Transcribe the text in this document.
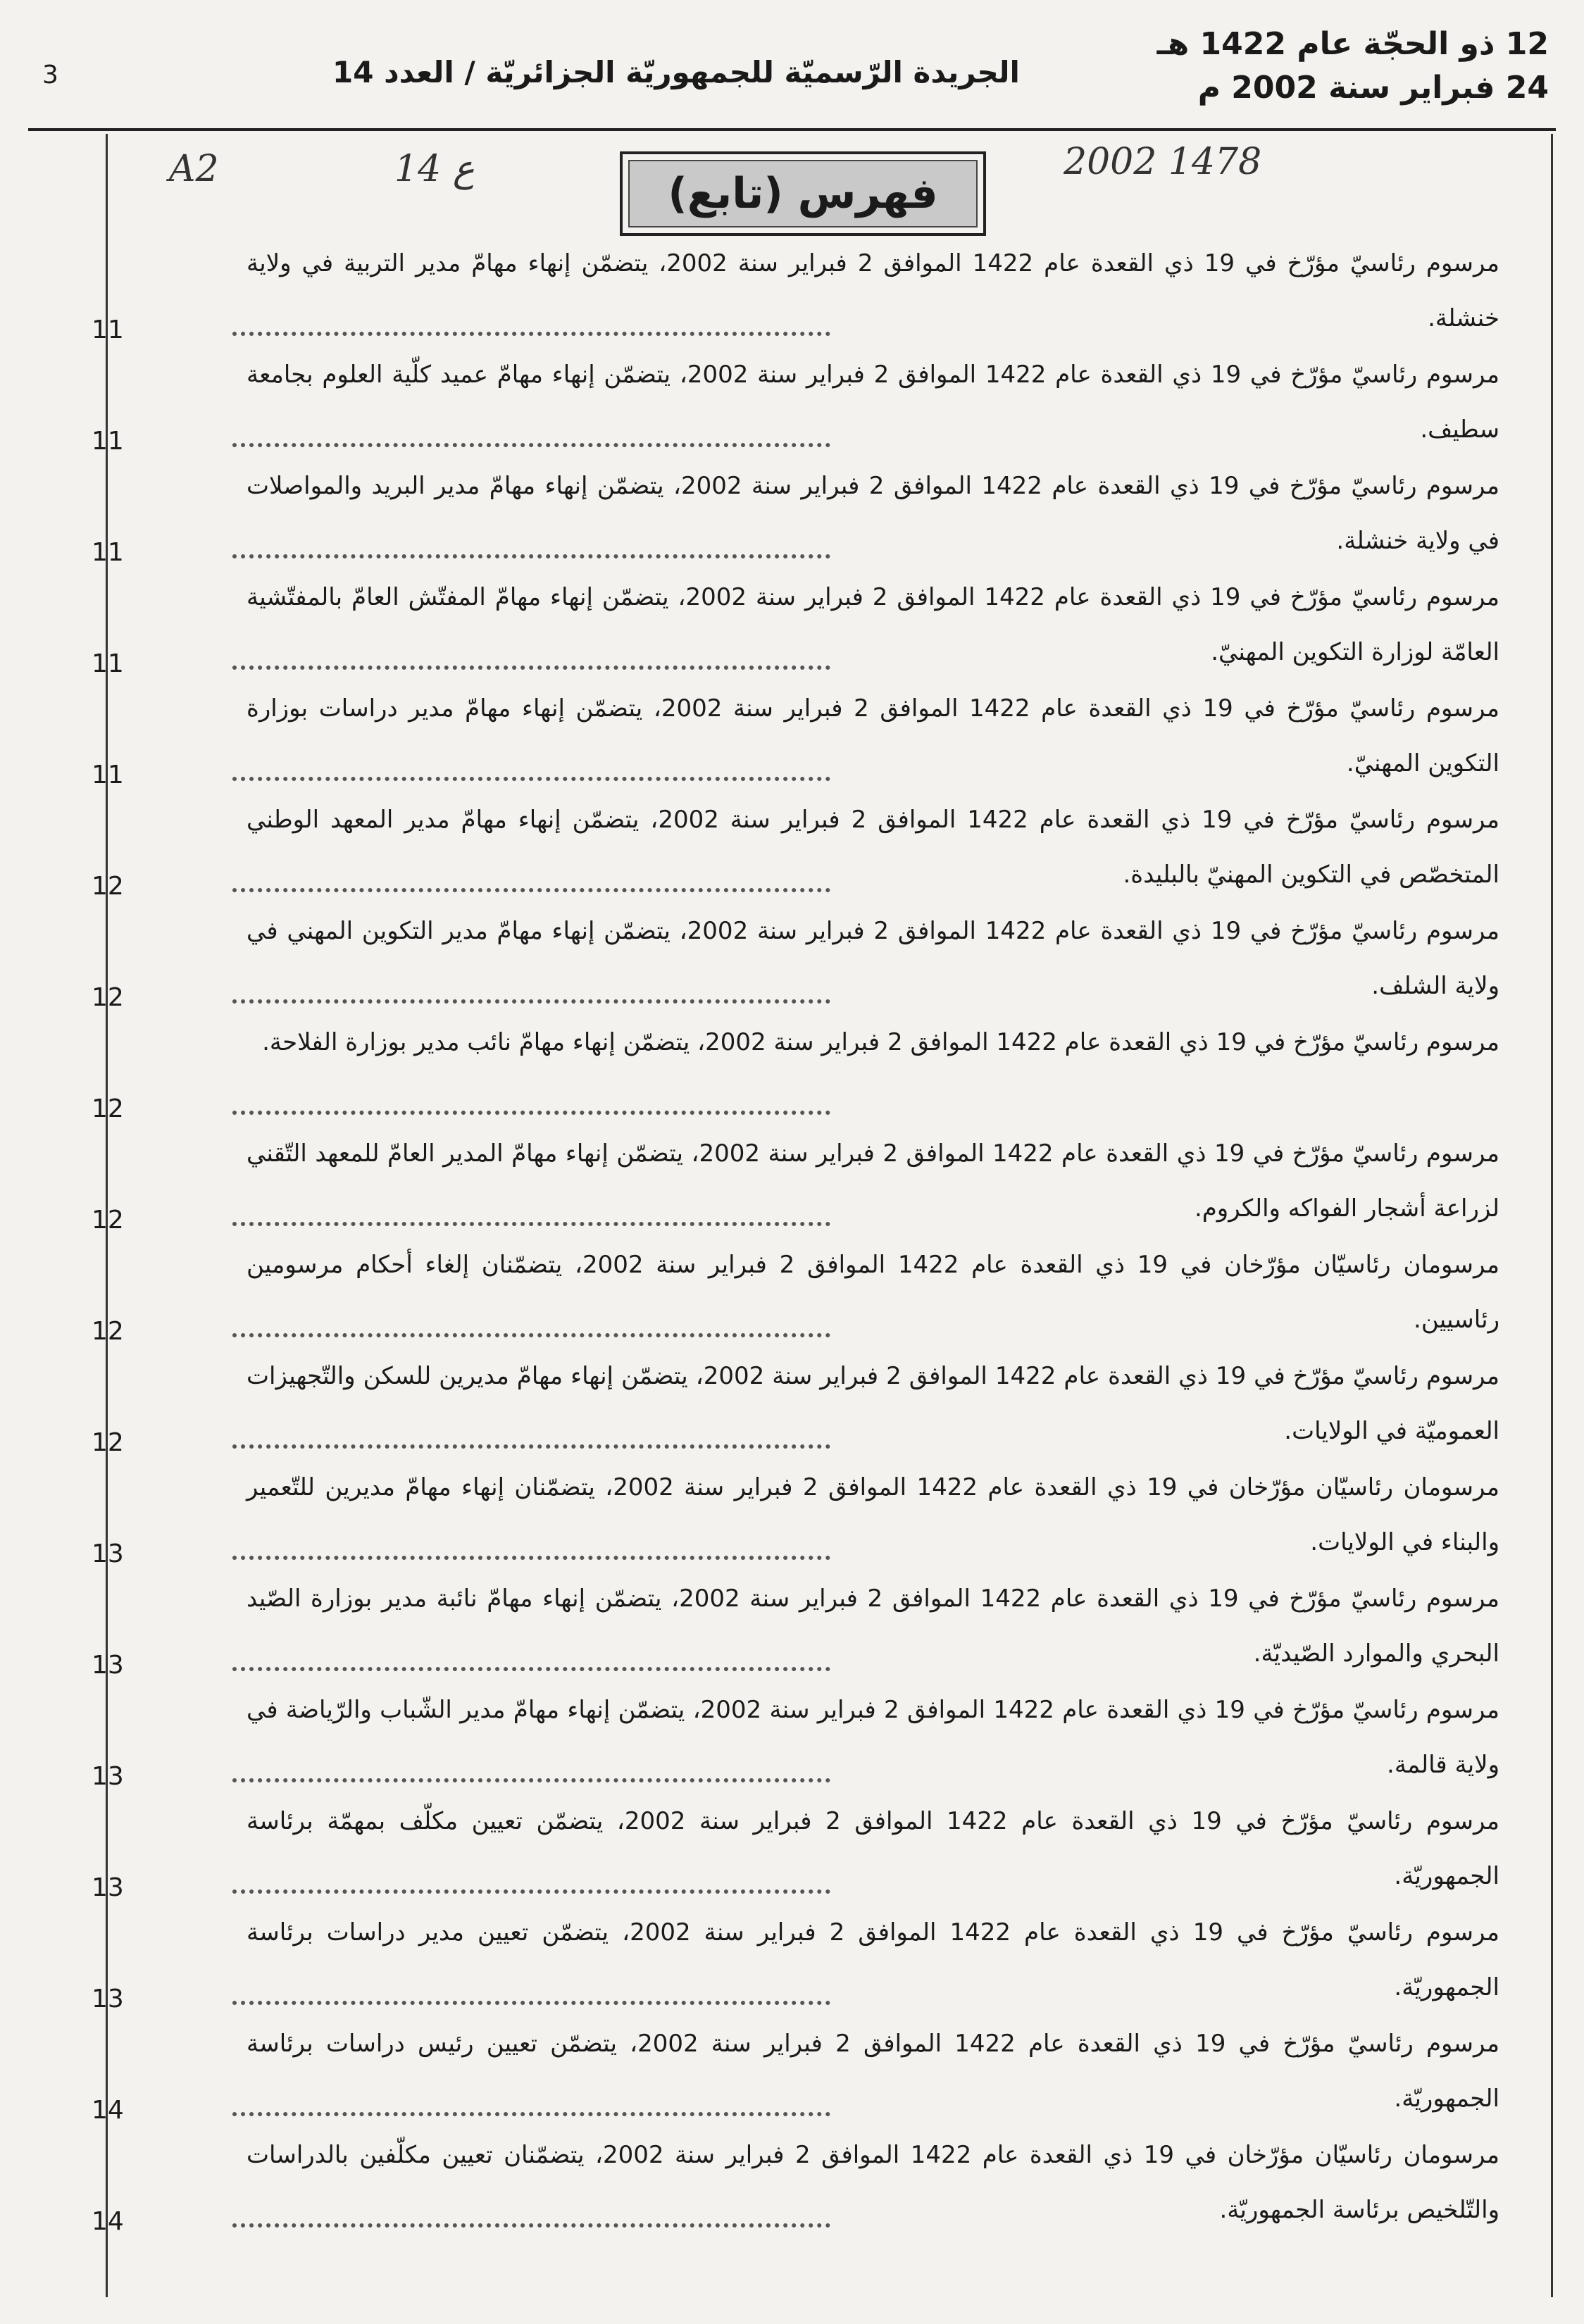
12 ذو الحجّة عام 1422 هـ
24 فبراير سنة 2002 م
الجريدة الرّسميّة للجمهوريّة الجزائريّة / العدد 14
3
A2	14 ع	2002 1478
فهرس (تابع)
مرسوم رئاسيّ مؤرّخ في 19 ذي القعدة عام 1422 الموافق 2 فبراير سنة 2002، يتضمّن إنهاء مهامّ مدير التربية في ولاية خنشلة.
11
مرسوم رئاسيّ مؤرّخ في 19 ذي القعدة عام 1422 الموافق 2 فبراير سنة 2002، يتضمّن إنهاء مهامّ عميد كلّية العلوم بجامعة سطيف.
11
مرسوم رئاسيّ مؤرّخ في 19 ذي القعدة عام 1422 الموافق 2 فبراير سنة 2002، يتضمّن إنهاء مهامّ مدير البريد والمواصلات في ولاية خنشلة.
11
مرسوم رئاسيّ مؤرّخ في 19 ذي القعدة عام 1422 الموافق 2 فبراير سنة 2002، يتضمّن إنهاء مهامّ المفتّش العامّ بالمفتّشية العامّة لوزارة التكوين المهنيّ.
11
مرسوم رئاسيّ مؤرّخ في 19 ذي القعدة عام 1422 الموافق 2 فبراير سنة 2002، يتضمّن إنهاء مهامّ مدير دراسات بوزارة التكوين المهنيّ.
11
مرسوم رئاسيّ مؤرّخ في 19 ذي القعدة عام 1422 الموافق 2 فبراير سنة 2002، يتضمّن إنهاء مهامّ مدير المعهد الوطني المتخصّص في التكوين المهنيّ بالبليدة.
12
مرسوم رئاسيّ مؤرّخ في 19 ذي القعدة عام 1422 الموافق 2 فبراير سنة 2002، يتضمّن إنهاء مهامّ مدير التكوين المهني في ولاية الشلف.
12
مرسوم رئاسيّ مؤرّخ في 19 ذي القعدة عام 1422 الموافق 2 فبراير سنة 2002، يتضمّن إنهاء مهامّ نائب مدير بوزارة الفلاحة.
12
مرسوم رئاسيّ مؤرّخ في 19 ذي القعدة عام 1422 الموافق 2 فبراير سنة 2002، يتضمّن إنهاء مهامّ المدير العامّ للمعهد التّقني لزراعة أشجار الفواكه والكروم.
12
مرسومان رئاسيّان مؤرّخان في 19 ذي القعدة عام 1422 الموافق 2 فبراير سنة 2002، يتضمّنان إلغاء أحكام مرسومين رئاسيين.
12
مرسوم رئاسيّ مؤرّخ في 19 ذي القعدة عام 1422 الموافق 2 فبراير سنة 2002، يتضمّن إنهاء مهامّ مديرين للسكن والتّجهيزات العموميّة في الولايات.
12
مرسومان رئاسيّان مؤرّخان في 19 ذي القعدة عام 1422 الموافق 2 فبراير سنة 2002، يتضمّنان إنهاء مهامّ مديرين للتّعمير والبناء في الولايات.
13
مرسوم رئاسيّ مؤرّخ في 19 ذي القعدة عام 1422 الموافق 2 فبراير سنة 2002، يتضمّن إنهاء مهامّ نائبة مدير بوزارة الصّيد البحري والموارد الصّيديّة.
13
مرسوم رئاسيّ مؤرّخ في 19 ذي القعدة عام 1422 الموافق 2 فبراير سنة 2002، يتضمّن إنهاء مهامّ مدير الشّباب والرّياضة في ولاية قالمة.
13
مرسوم رئاسيّ مؤرّخ في 19 ذي القعدة عام 1422 الموافق 2 فبراير سنة 2002، يتضمّن تعيين مكلّف بمهمّة برئاسة الجمهوريّة.
13
مرسوم رئاسيّ مؤرّخ في 19 ذي القعدة عام 1422 الموافق 2 فبراير سنة 2002، يتضمّن تعيين مدير دراسات برئاسة الجمهوريّة.
13
مرسوم رئاسيّ مؤرّخ في 19 ذي القعدة عام 1422 الموافق 2 فبراير سنة 2002، يتضمّن تعيين رئيس دراسات برئاسة الجمهوريّة.
14
مرسومان رئاسيّان مؤرّخان في 19 ذي القعدة عام 1422 الموافق 2 فبراير سنة 2002، يتضمّنان تعيين مكلّفين بالدراسات والتّلخيص برئاسة الجمهوريّة.
14
